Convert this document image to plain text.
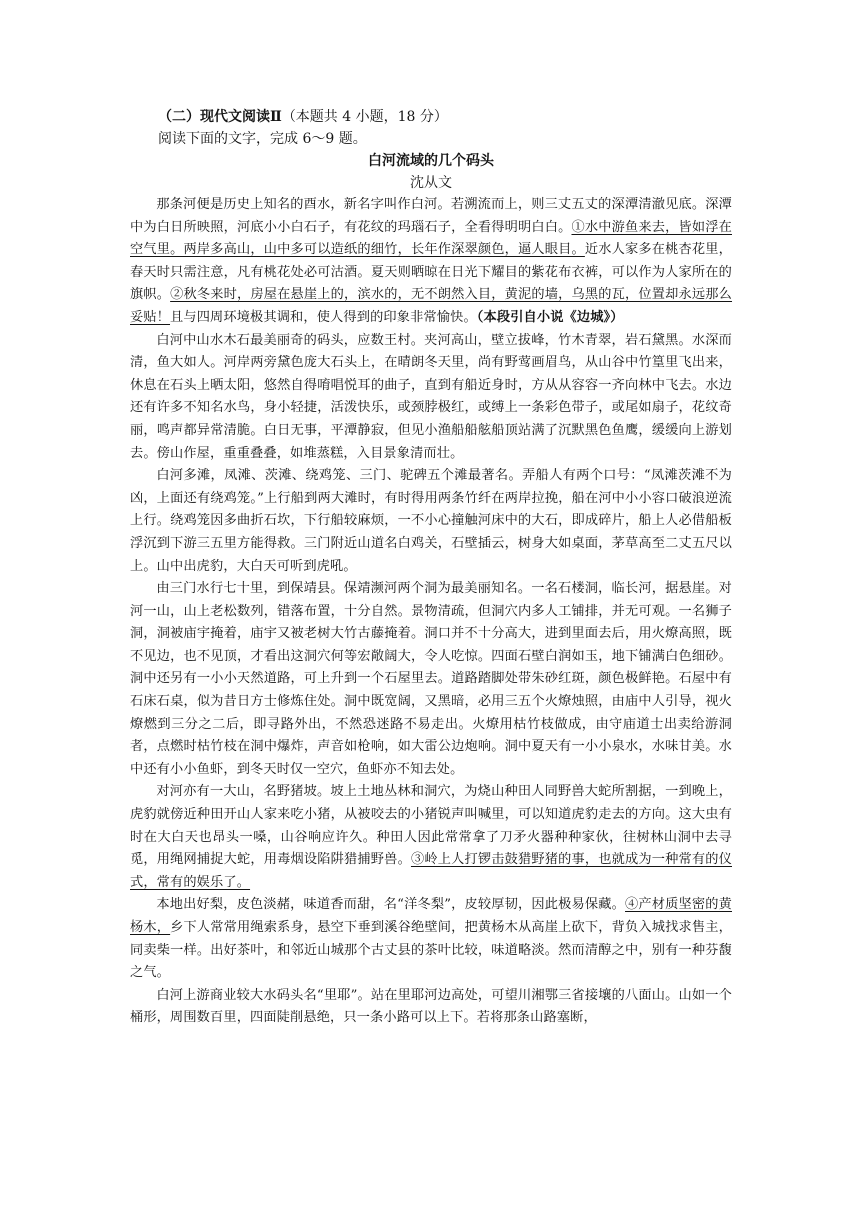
（二）现代文阅读Ⅱ（本题共 4 小题，18 分）
阅读下面的文字，完成 6～9 题。
白河流域的几个码头
沈从文

那条河便是历史上知名的酉水，新名字叫作白河。若溯流而上，则三丈五丈的深潭清澈见底。深潭中为白日所映照，河底小小白石子，有花纹的玛瑙石子，全看得明明白白。①水中游鱼来去，皆如浮在空气里。两岸多高山，山中多可以造纸的细竹，长年作深翠颜色，逼人眼目。近水人家多在桃杏花里，春天时只需注意，凡有桃花处必可沽酒。夏天则晒晾在日光下耀目的紫花布衣裤，可以作为人家所在的旗帜。②秋冬来时，房屋在悬崖上的，滨水的，无不朗然入目，黄泥的墙，乌黑的瓦，位置却永远那么妥贴！且与四周环境极其调和，使人得到的印象非常愉快。（本段引自小说《边城》）

白河中山水木石最美丽奇的码头，应数王村。夹河高山，壁立拔峰，竹木青翠，岩石黛黑。水深而清，鱼大如人。河岸两旁黛色庞大石头上，在晴朗冬天里，尚有野莺画眉鸟，从山谷中竹篁里飞出来，休息在石头上晒太阳，悠然自得唷唱悦耳的曲子，直到有船近身时，方从从容容一齐向林中飞去。水边还有许多不知名水鸟，身小轻捷，活泼快乐，或颈脖极红，或缚上一条彩色带子，或尾如扇子，花纹奇丽，鸣声都异常清脆。白日无事，平潭静寂，但见小渔船船舷船顶站满了沉默黑色鱼鹰，缓缓向上游划去。傍山作屋，重重叠叠，如堆蒸糕，入目景象清而壮。

白河多滩，凤滩、茨滩、绕鸡笼、三门、驼碑五个滩最著名。弄船人有两个口号：“凤滩茨滩不为凶，上面还有绕鸡笼。”上行船到两大滩时，有时得用两条竹纤在两岸拉挽，船在河中小小容口破浪逆流上行。绕鸡笼因多曲折石坎，下行船较麻烦，一不小心撞触河床中的大石，即成碎片，船上人必借船板浮沉到下游三五里方能得救。三门附近山道名白鸡关，石壁插云，树身大如桌面，茅草高至二丈五尺以上。山中出虎豹，大白天可听到虎吼。

由三门水行七十里，到保靖县。保靖濒河两个洞为最美丽知名。一名石楼洞，临长河，据悬崖。对河一山，山上老松数列，错落布置，十分自然。景物清疏，但洞穴内多人工铺排，并无可观。一名狮子洞，洞被庙宇掩着，庙宇又被老树大竹古藤掩着。洞口并不十分高大，进到里面去后，用火燎高照，既不见边，也不见顶，才看出这洞穴何等宏敞阔大，令人吃惊。四面石壁白润如玉，地下铺满白色细砂。洞中还另有一小小天然道路，可上升到一个石屋里去。道路踏脚处带朱砂红斑，颜色极鲜艳。石屋中有石床石桌，似为昔日方士修炼住处。洞中既宽阔，又黑暗，必用三五个火燎烛照，由庙中人引导，视火燎燃到三分之二后，即寻路外出，不然恐迷路不易走出。火燎用枯竹枝做成，由守庙道士出卖给游洞者，点燃时枯竹枝在洞中爆炸，声音如枪响，如大雷公边炮响。洞中夏天有一小小泉水，水味甘美。水中还有小小鱼虾，到冬天时仅一空穴，鱼虾亦不知去处。

对河亦有一大山，名野猪坡。坡上土地丛林和洞穴，为烧山种田人同野兽大蛇所割据，一到晚上，虎豹就傍近种田开山人家来吃小猪，从被咬去的小猪锐声叫喊里，可以知道虎豹走去的方向。这大虫有时在大白天也昂头一嗓，山谷响应许久。种田人因此常常拿了刀矛火器种种家伙，往树林山洞中去寻觅，用绳网捕捉大蛇，用毒烟设陷阱猎捕野兽。③岭上人打锣击鼓猎野猪的事，也就成为一种常有的仪式，常有的娱乐了。

本地出好梨，皮色淡赭，味道香而甜，名“洋冬梨”，皮较厚韧，因此极易保藏。④产材质坚密的黄杨木，乡下人常常用绳索系身，悬空下垂到溪谷绝壁间，把黄杨木从高崖上砍下，背负入城找求售主，同卖柴一样。出好茶叶，和邻近山城那个古丈县的茶叶比较，味道略淡。然而清醇之中，别有一种芬馥之气。

白河上游商业较大水码头名“里耶”。站在里耶河边高处，可望川湘鄂三省接壤的八面山。山如一个桶形，周围数百里，四面陡削悬绝，只一条小路可以上下。若将那条山路塞断，
